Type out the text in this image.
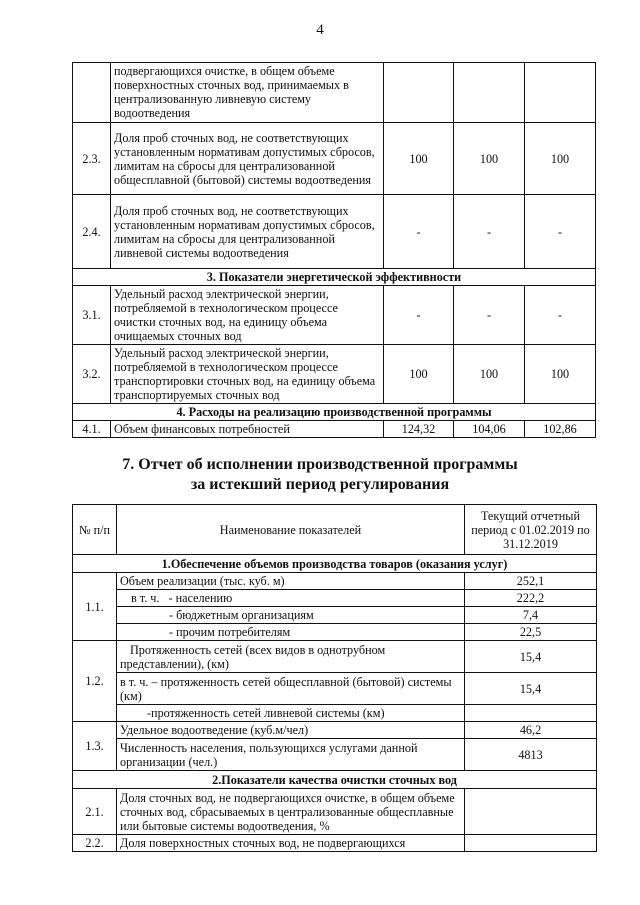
4
	подвергающихся очистке, в общем объеме поверхностных сточных вод, принимаемых в централизованную ливневую систему водоотведения			
2.3.	Доля проб сточных вод, не соответствующих установленным нормативам допустимых сбросов, лимитам на сбросы для централизованной общесплавной (бытовой) системы водоотведения	100	100	100
2.4.	Доля проб сточных вод, не соответствующих установленным нормативам допустимых сбросов, лимитам на сбросы для централизованной ливневой системы водоотведения	-	-	-
3. Показатели энергетической эффективности				
3.1.	Удельный расход электрической энергии, потребляемой в технологическом процессе очистки сточных вод, на единицу объема очищаемых сточных вод	-	-	-
3.2.	Удельный расход электрической энергии, потребляемой в технологическом процессе транспортировки сточных вод, на единицу объема транспортируемых сточных вод	100	100	100
4. Расходы на реализацию производственной программы				
4.1.	Объем финансовых потребностей	124,32	104,06	102,86
7. Отчет об исполнении производственной программы
за истекший период регулирования
№ п/п	Наименование показателей	Текущий отчетный период с 01.02.2019 по 31.12.2019
1.Обеспечение объемов производства товаров (оказания услуг)		
1.1.	Объем реализации (тыс. куб. м)	252,1
	в т. ч. - населению	222,2
	- бюджетным организациям	7,4
	- прочим потребителям	22,5
1.2.	Протяженность сетей (всех видов в однотрубном представлении), (км)	15,4
	в т. ч. – протяженность сетей общесплавной (бытовой) системы (км)	15,4
	-протяженность сетей ливневой системы (км)	
1.3.	Удельное водоотведение (куб.м/чел)	46,2
	Численность населения, пользующихся услугами данной организации (чел.)	4813
2.Показатели качества очистки сточных вод		
2.1.	Доля сточных вод, не подвергающихся очистке, в общем объеме сточных вод, сбрасываемых в централизованные общесплавные или бытовые системы водоотведения, %	
2.2.	Доля поверхностных сточных вод, не подвергающихся	
